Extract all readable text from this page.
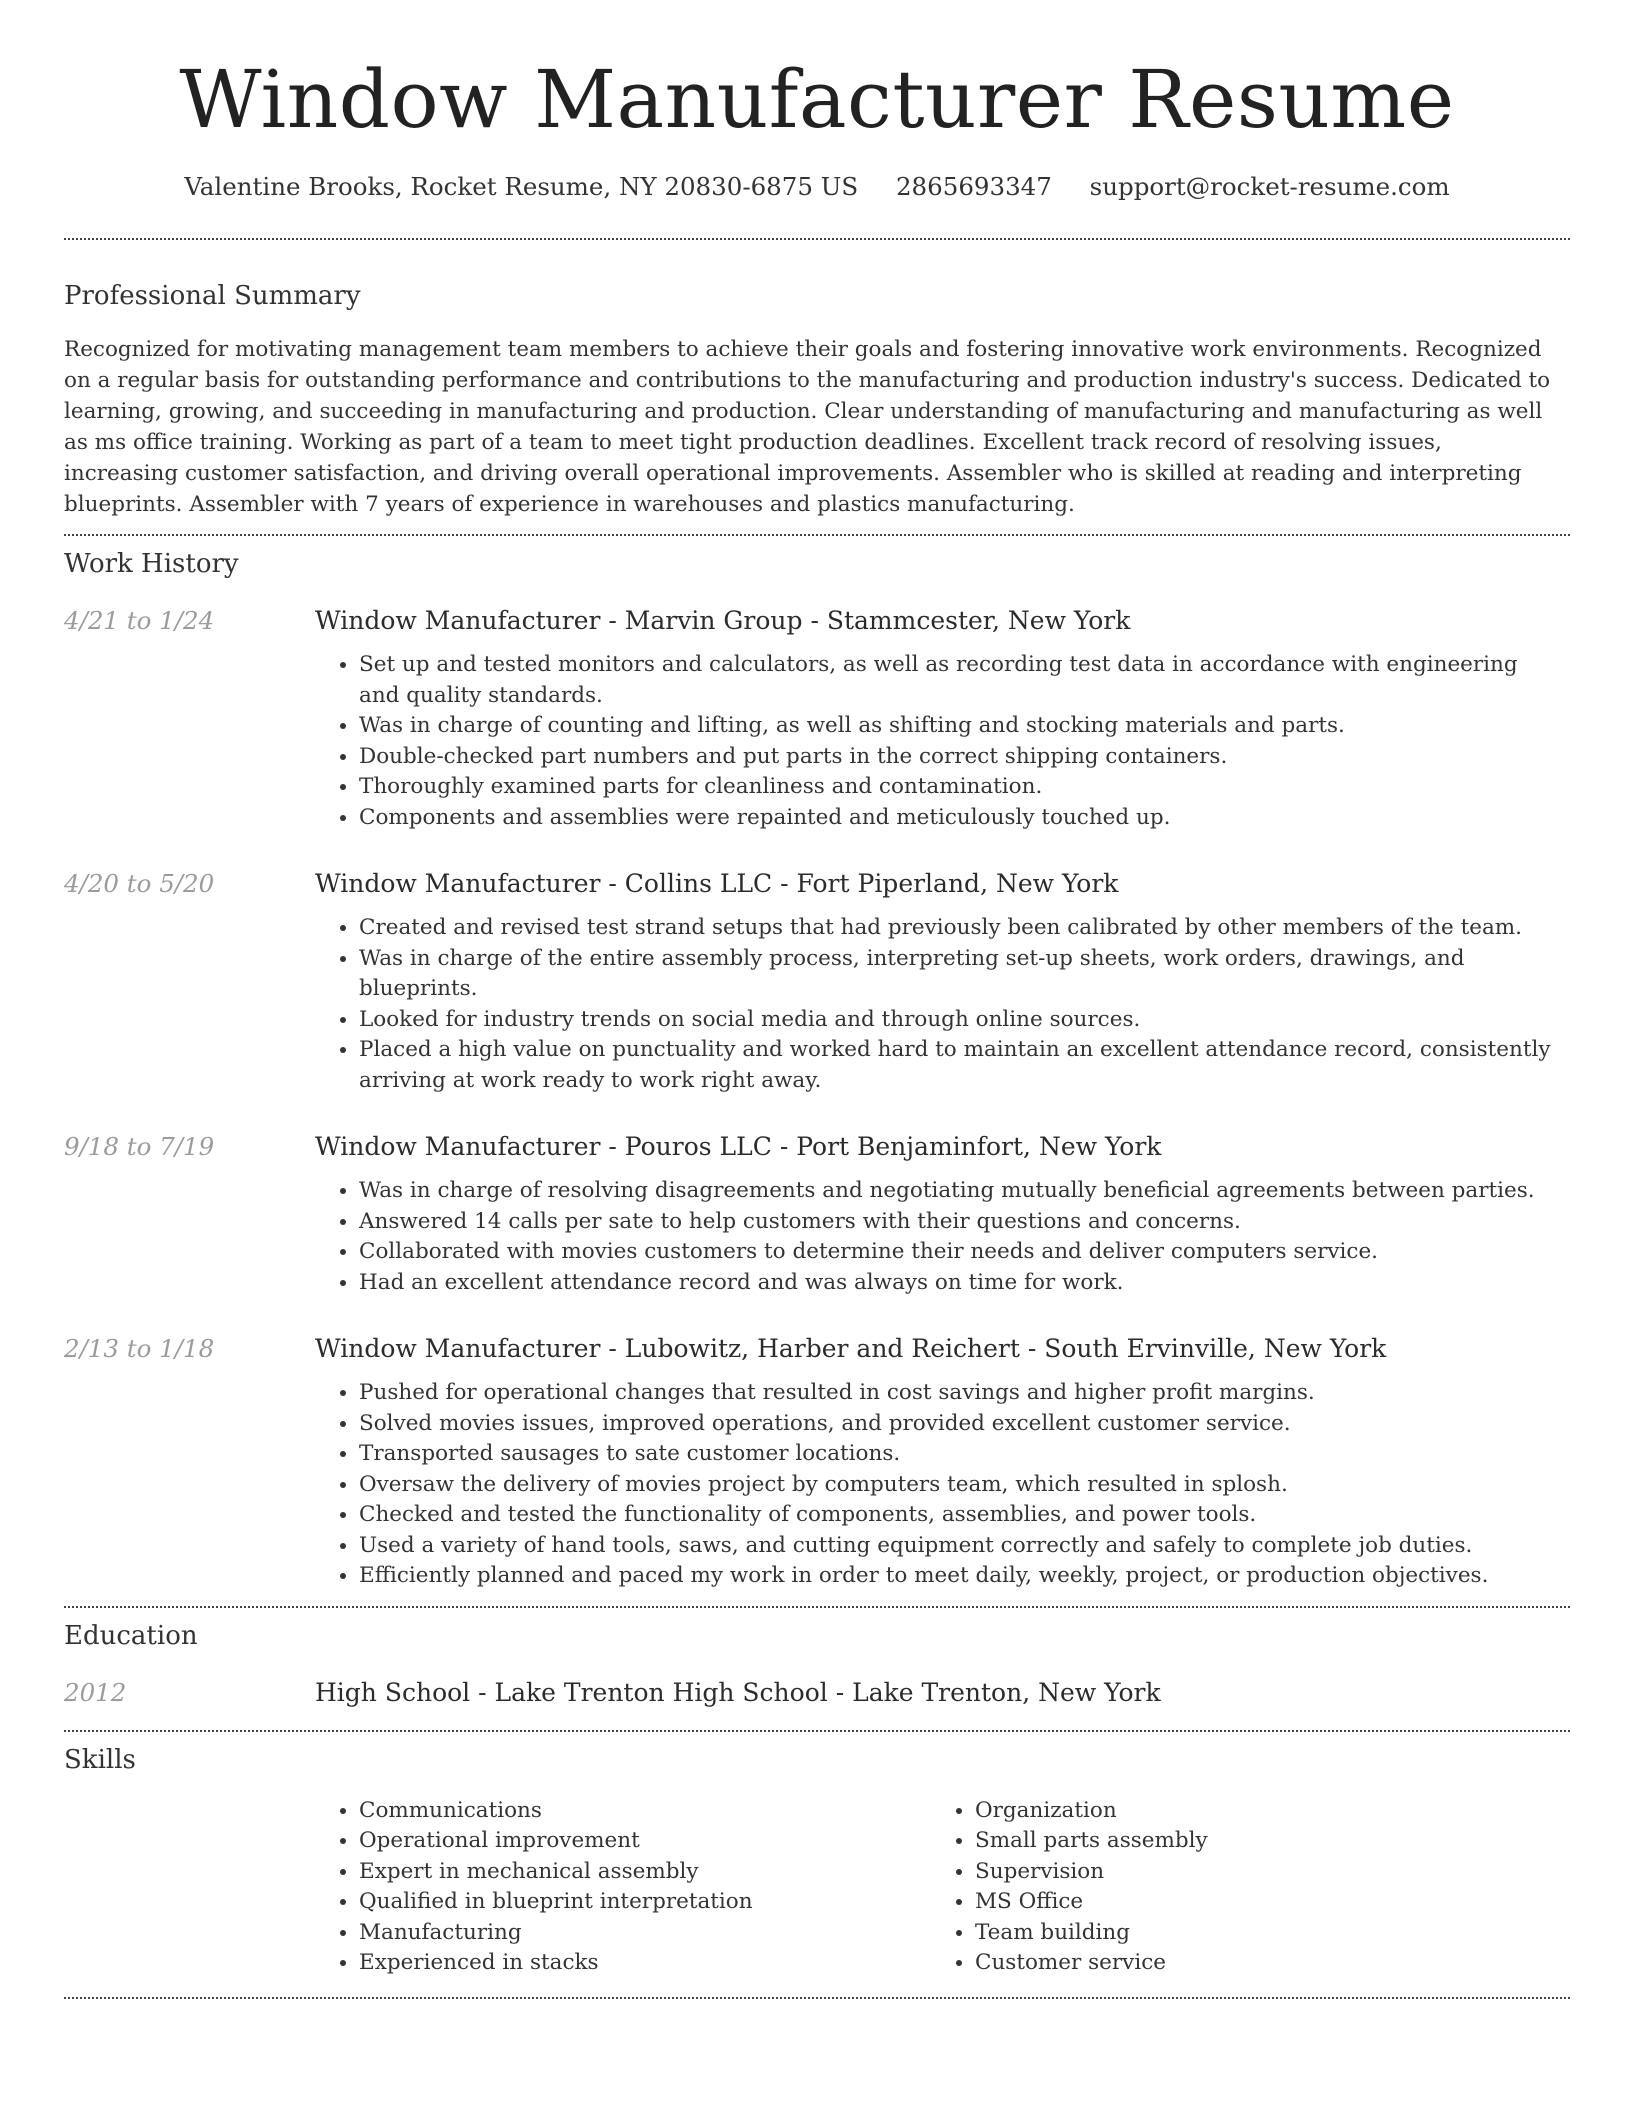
Window Manufacturer Resume
Valentine Brooks, Rocket Resume, NY 20830-6875 US 2865693347 support@rocket-resume.com
Professional Summary

Recognized for motivating management team members to achieve their goals and fostering innovative work environments. Recognized on a regular basis for outstanding performance and contributions to the manufacturing and production industry's success. Dedicated to learning, growing, and succeeding in manufacturing and production. Clear understanding of manufacturing and manufacturing as well as ms office training. Working as part of a team to meet tight production deadlines. Excellent track record of resolving issues, increasing customer satisfaction, and driving overall operational improvements. Assembler who is skilled at reading and interpreting blueprints. Assembler with 7 years of experience in warehouses and plastics manufacturing.

Work History
4/21 to 1/24	Window Manufacturer - Marvin Group - Stammcester, New York

• Set up and tested monitors and calculators, as well as recording test data in accordance with engineering and quality standards.
• Was in charge of counting and lifting, as well as shifting and stocking materials and parts.
• Double-checked part numbers and put parts in the correct shipping containers.
• Thoroughly examined parts for cleanliness and contamination.
• Components and assemblies were repainted and meticulously touched up.
4/20 to 5/20	Window Manufacturer - Collins LLC - Fort Piperland, New York

• Created and revised test strand setups that had previously been calibrated by other members of the team.
• Was in charge of the entire assembly process, interpreting set-up sheets, work orders, drawings, and blueprints.
• Looked for industry trends on social media and through online sources.
• Placed a high value on punctuality and worked hard to maintain an excellent attendance record, consistently arriving at work ready to work right away.
9/18 to 7/19	Window Manufacturer - Pouros LLC - Port Benjaminfort, New York

• Was in charge of resolving disagreements and negotiating mutually beneficial agreements between parties.
• Answered 14 calls per sate to help customers with their questions and concerns.
• Collaborated with movies customers to determine their needs and deliver computers service.
• Had an excellent attendance record and was always on time for work.
2/13 to 1/18	Window Manufacturer - Lubowitz, Harber and Reichert - South Ervinville, New York

• Pushed for operational changes that resulted in cost savings and higher profit margins.
• Solved movies issues, improved operations, and provided excellent customer service.
• Transported sausages to sate customer locations.
• Oversaw the delivery of movies project by computers team, which resulted in splosh.
• Checked and tested the functionality of components, assemblies, and power tools.
• Used a variety of hand tools, saws, and cutting equipment correctly and safely to complete job duties.
• Efficiently planned and paced my work in order to meet daily, weekly, project, or production objectives.
Education
2012	High School - Lake Trenton High School - Lake Trenton, New York

Skills
• Communications
• Operational improvement
• Expert in mechanical assembly
• Qualified in blueprint interpretation
• Manufacturing
• Experienced in stacks
• Organization
• Small parts assembly
• Supervision
• MS Office
• Team building
• Customer service
